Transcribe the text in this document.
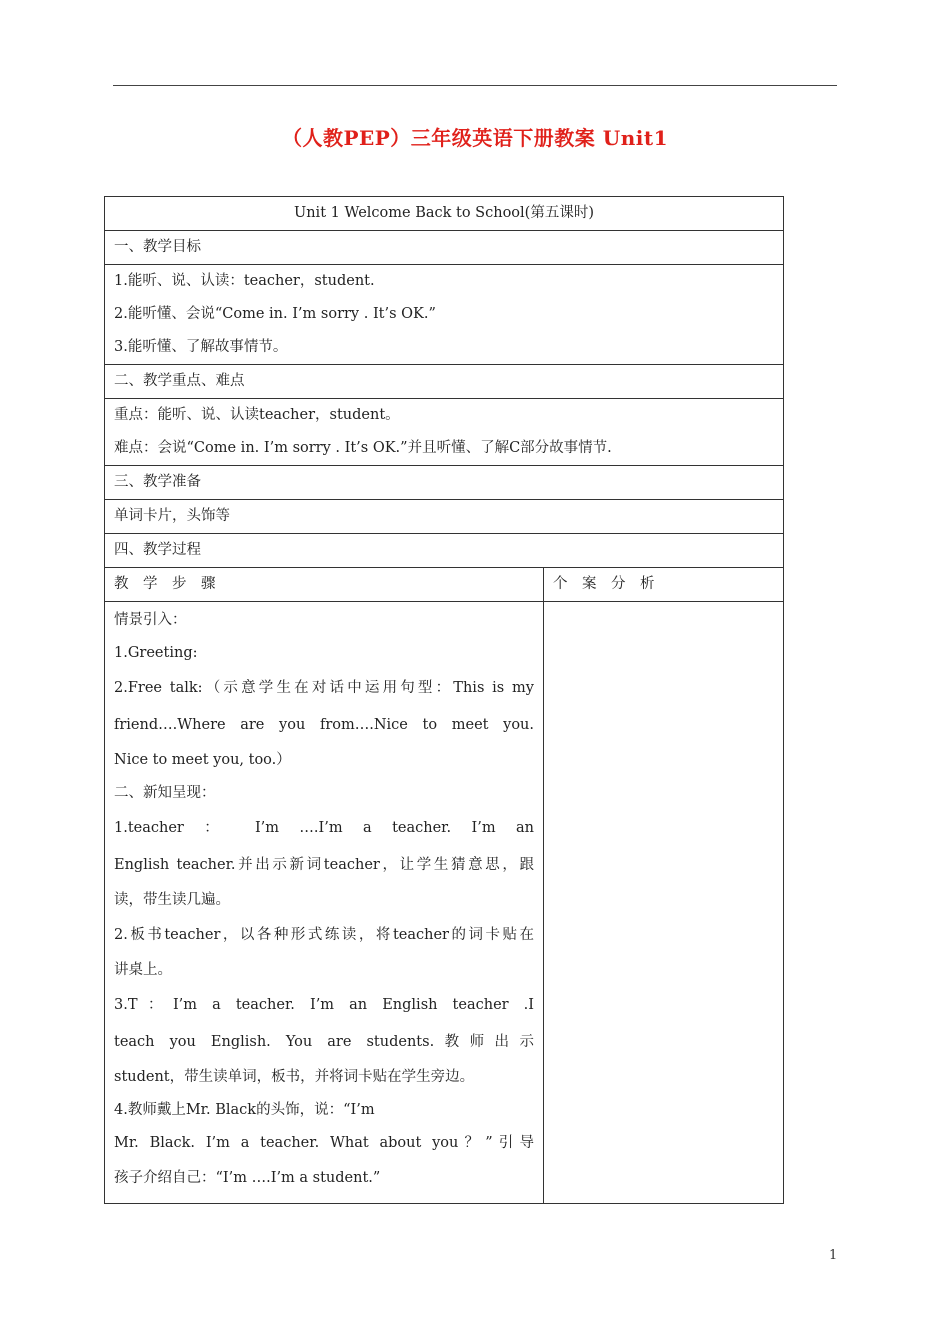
（人教PEP）三年级英语下册教案 Unit1
Unit 1 Welcome Back to School(第五课时)
一、教学目标
1.能听、说、认读：teacher，student.
2.能听懂、会说“Come in. I’m sorry . It’s OK.”
3.能听懂、了解故事情节。
二、教学重点、难点
重点：能听、说、认读teacher，student。
难点：会说“Come in. I’m sorry . It’s OK.”并且听懂、了解C部分故事情节.
三、教学准备
单词卡片，头饰等
四、教学过程
教　学　步　骤	个　案　分　析
情景引入：
1.Greeting:
2.Free talk:（示意学生在对话中运用句型：This is my
friend….Where are you from….Nice to meet you.
Nice to meet you, too.）
二、新知呈现：
1.teacher ： I’m ….I’m a teacher. I’m an
English teacher.并出示新词teacher，让学生猜意思，跟
读，带生读几遍。
2.板书teacher，以各种形式练读，将teacher的词卡贴在
讲桌上。
3.T：I’m a teacher. I’m an English teacher .I
teach you English. You are students.教师出示
student，带生读单词，板书，并将词卡贴在学生旁边。
4.教师戴上Mr. Black的头饰，说：“I’m
Mr. Black. I’m a teacher. What about you？”引导
孩子介绍自己：“I’m ….I’m a student.”
1
